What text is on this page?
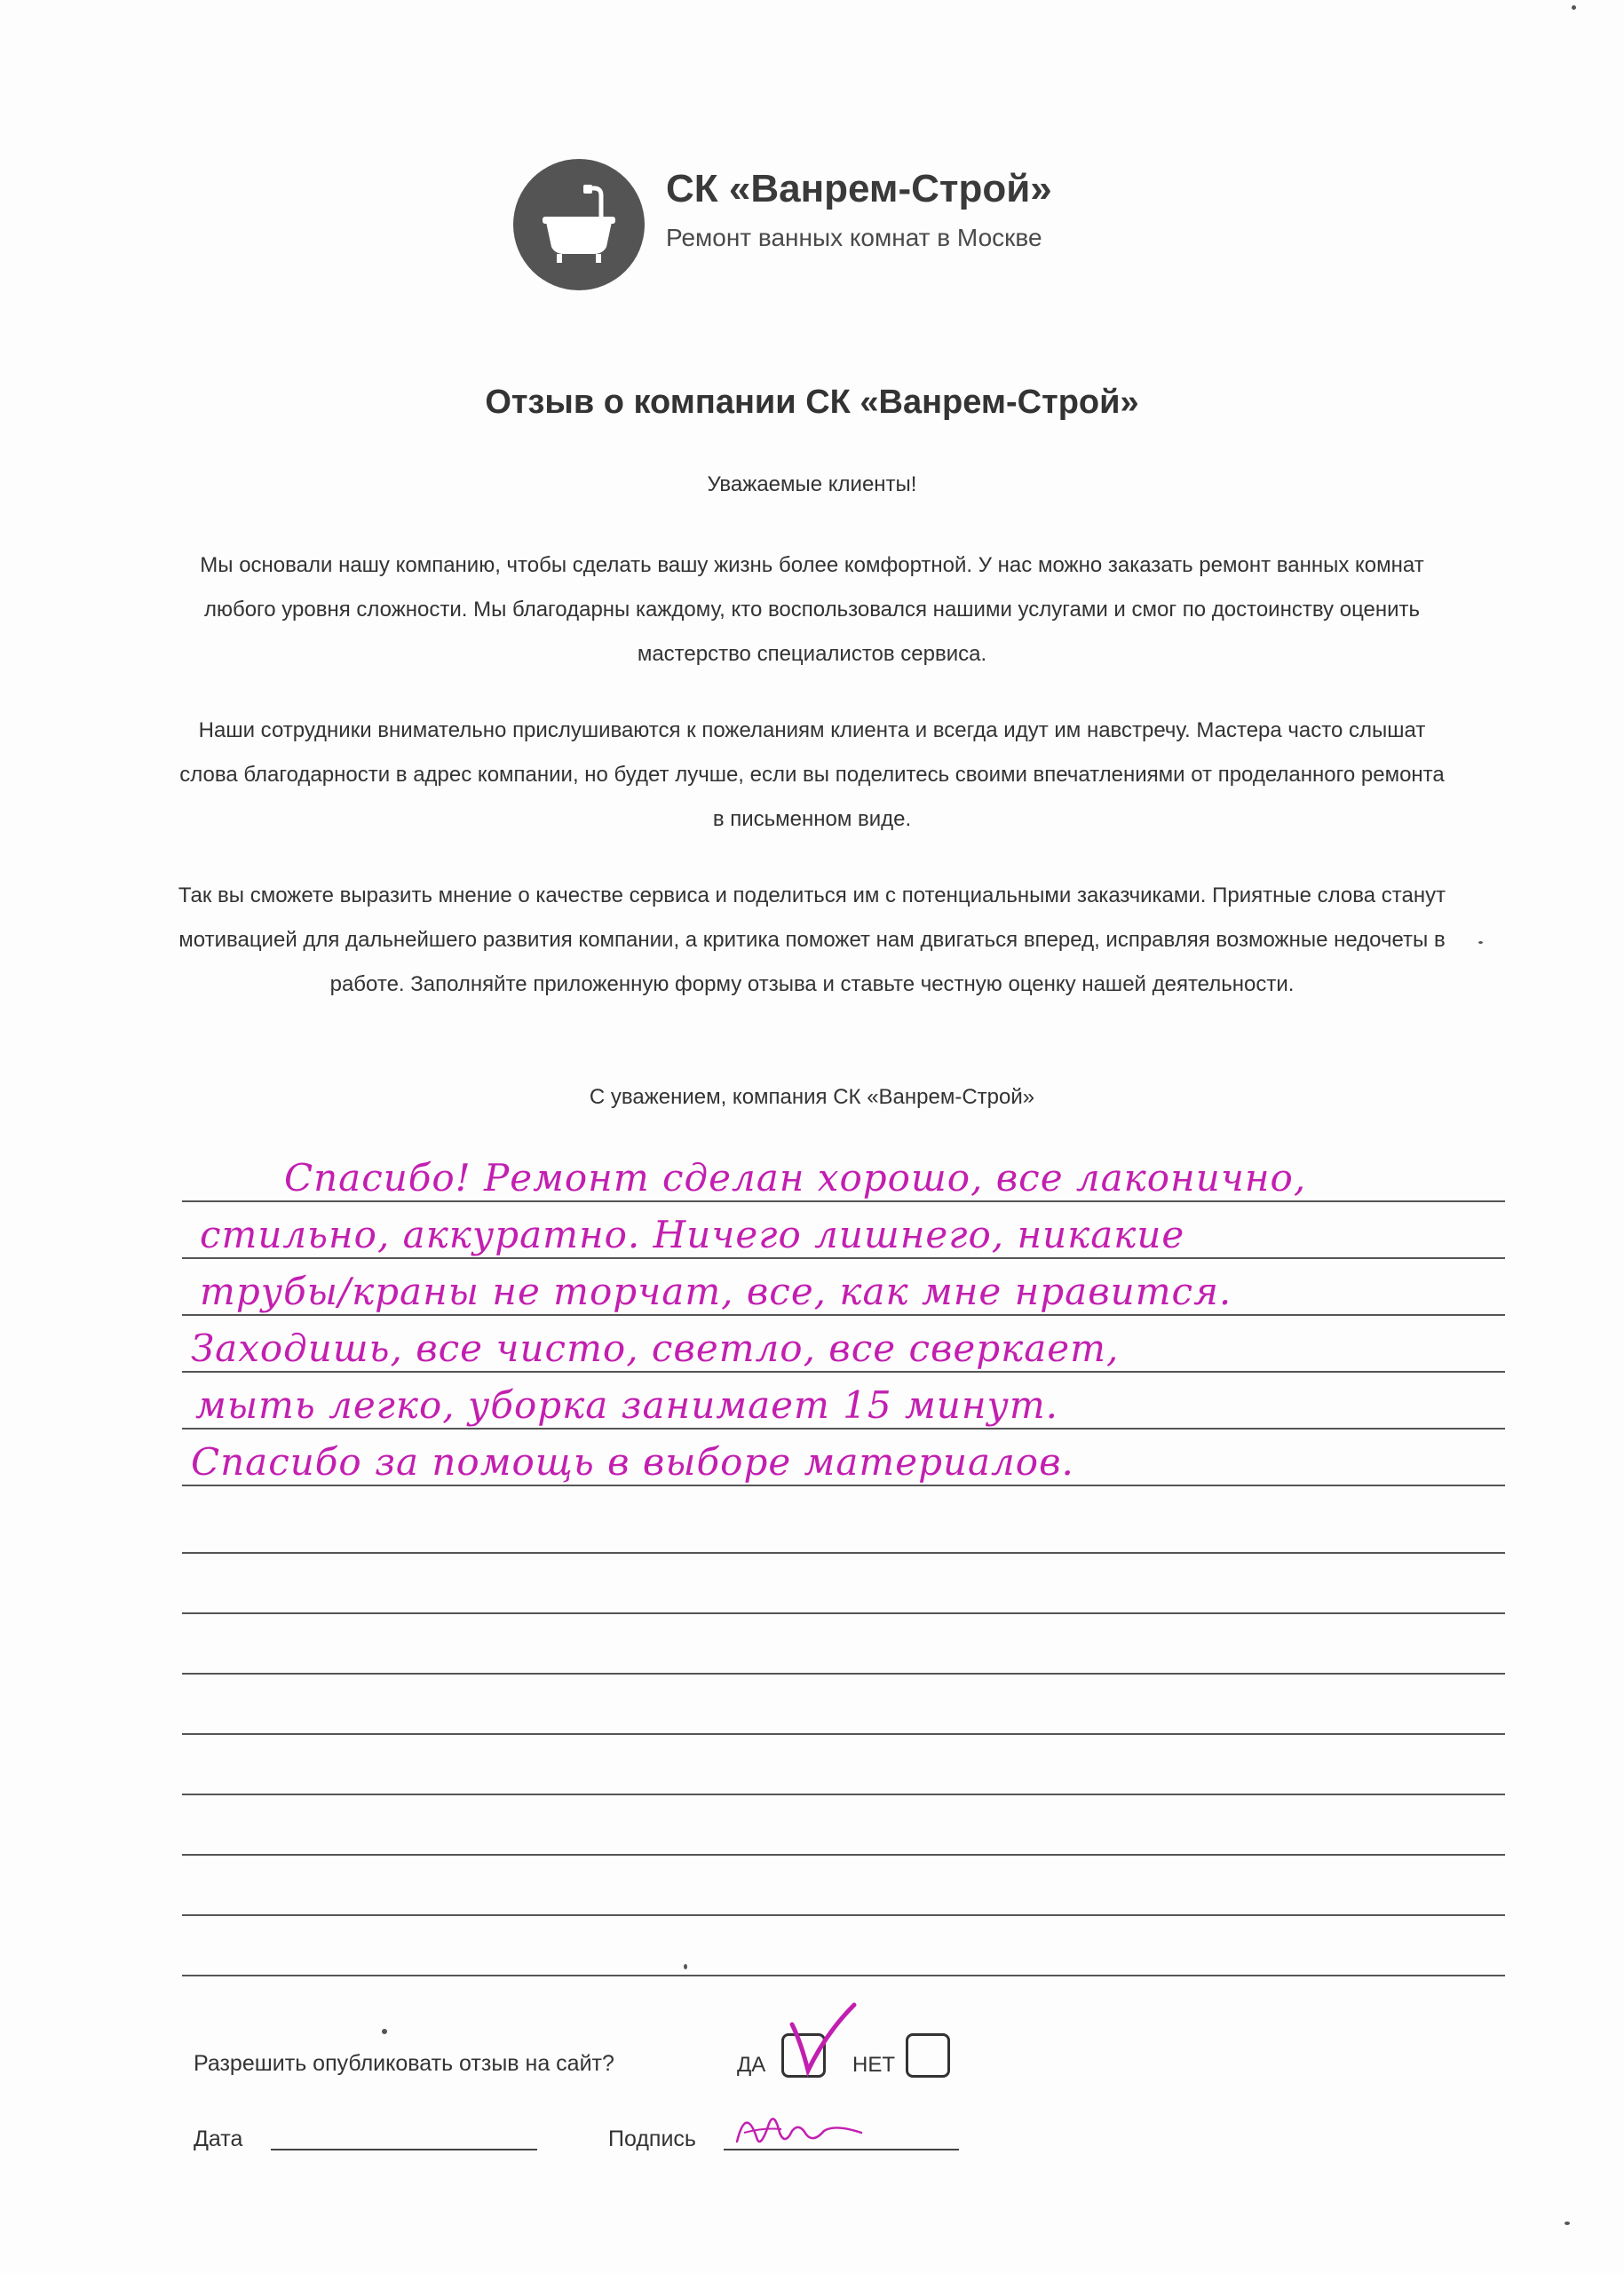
СК «Ванрем-Строй»
Ремонт ванных комнат в Москве
Отзыв о компании СК «Ванрем-Строй»
Уважаемые клиенты!
Мы основали нашу компанию, чтобы сделать вашу жизнь более комфортной. У нас можно заказать ремонт ванных комнат любого уровня сложности. Мы благодарны каждому, кто воспользовался нашими услугами и смог по достоинству оценить мастерство специалистов сервиса.
Наши сотрудники внимательно прислушиваются к пожеланиям клиента и всегда идут им навстречу. Мастера часто слышат слова благодарности в адрес компании, но будет лучше, если вы поделитесь своими впечатлениями от проделанного ремонта в письменном виде.
Так вы сможете выразить мнение о качестве сервиса и поделиться им с потенциальными заказчиками. Приятные слова станут мотивацией для дальнейшего развития компании, а критика поможет нам двигаться вперед, исправляя возможные недочеты в работе. Заполняйте приложенную форму отзыва и ставьте честную оценку нашей деятельности.
С уважением, компания СК «Ванрем-Строй»
Спасибо! Ремонт сделан хорошо, все лаконично,
стильно, аккуратно. Ничего лишнего, никакие
трубы/краны не торчат, все, как мне нравится.
Заходишь, все чисто, светло, все сверкает,
мыть легко, уборка занимает 15 минут.
Спасибо за помощь в выборе материалов.
Разрешить опубликовать отзыв на сайт?	ДА	НЕТ
Дата	Подпись
